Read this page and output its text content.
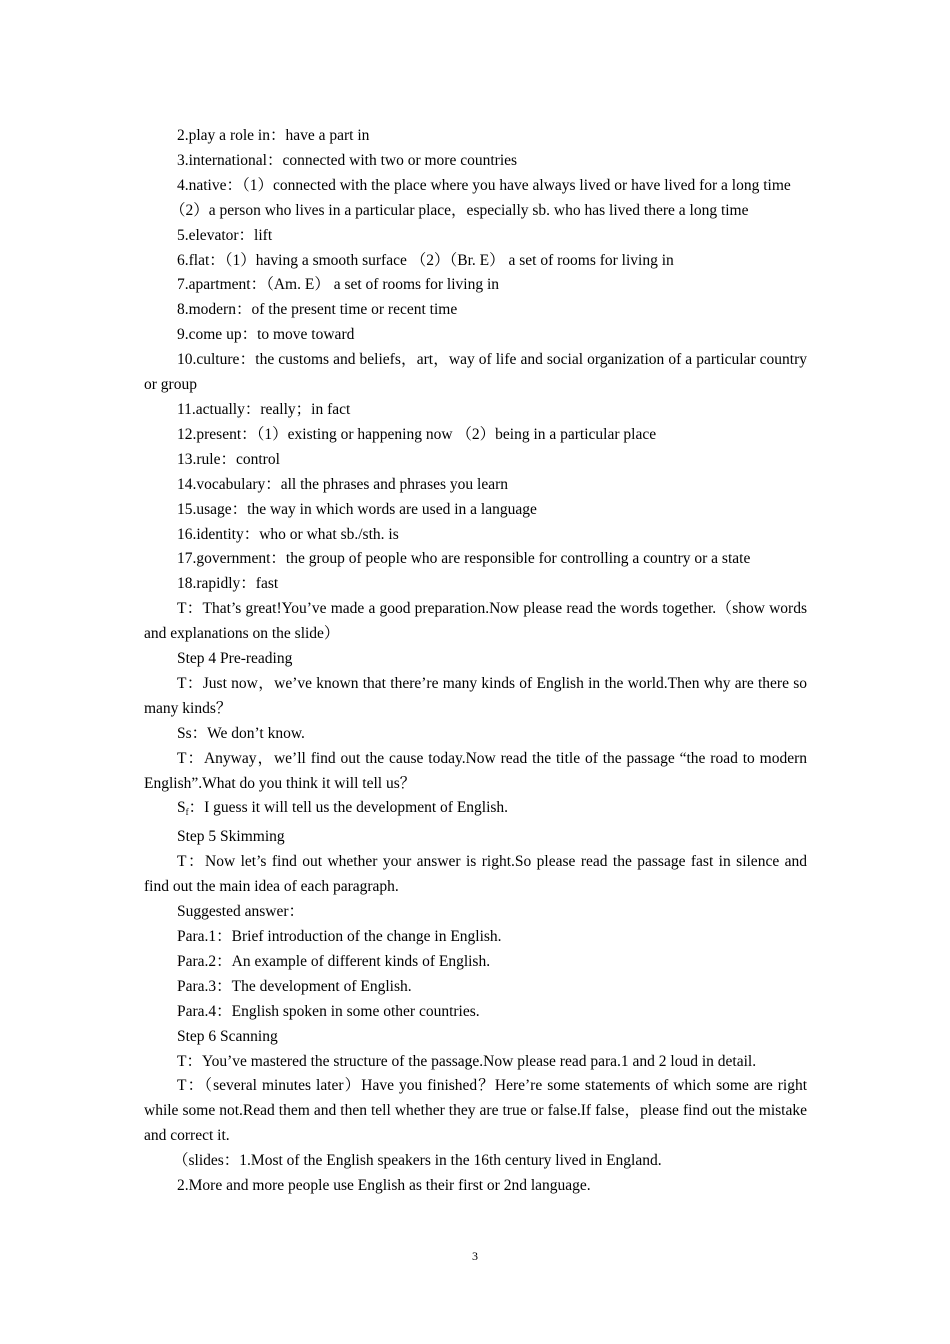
2.play a role in：have a part in

3.international：connected with two or more countries

4.native：（1）connected with the place where you have always lived or have lived for a long time

（2）a person who lives in a particular place，especially sb. who has lived there a long time

5.elevator：lift

6.flat：（1）having a smooth surface （2）（Br. E） a set of rooms for living in

7.apartment：（Am. E） a set of rooms for living in

8.modern：of the present time or recent time

9.come up：to move toward

10.culture：the customs and beliefs，art，way of life and social organization of a particular country or group

11.actually：really；in fact

12.present：（1）existing or happening now （2）being in a particular place

13.rule：control

14.vocabulary：all the phrases and phrases you learn

15.usage：the way in which words are used in a language

16.identity：who or what sb./sth. is

17.government：the group of people who are responsible for controlling a country or a state

18.rapidly：fast

T：That’s great!You’ve made a good preparation.Now please read the words together.（show words and explanations on the slide）

Step 4 Pre-reading

T：Just now，we’ve known that there’re many kinds of English in the world.Then why are there so many kinds？

Ss：We don’t know.

T：Anyway，we’ll find out the cause today.Now read the title of the passage “the road to modern English”.What do you think it will tell us？

$S_f$：I guess it will tell us the development of English.

Step 5 Skimming

T：Now let’s find out whether your answer is right.So please read the passage fast in silence and find out the main idea of each paragraph.

Suggested answer：

Para.1：Brief introduction of the change in English.

Para.2：An example of different kinds of English.

Para.3：The development of English.

Para.4：English spoken in some other countries.

Step 6 Scanning

T：You’ve mastered the structure of the passage.Now please read para.1 and 2 loud in detail.

T：（several minutes later）Have you finished？Here’re some statements of which some are right while some not.Read them and then tell whether they are true or false.If false，please find out the mistake and correct it.

（slides：1.Most of the English speakers in the 16th century lived in England.

2.More and more people use English as their first or 2nd language.

3
